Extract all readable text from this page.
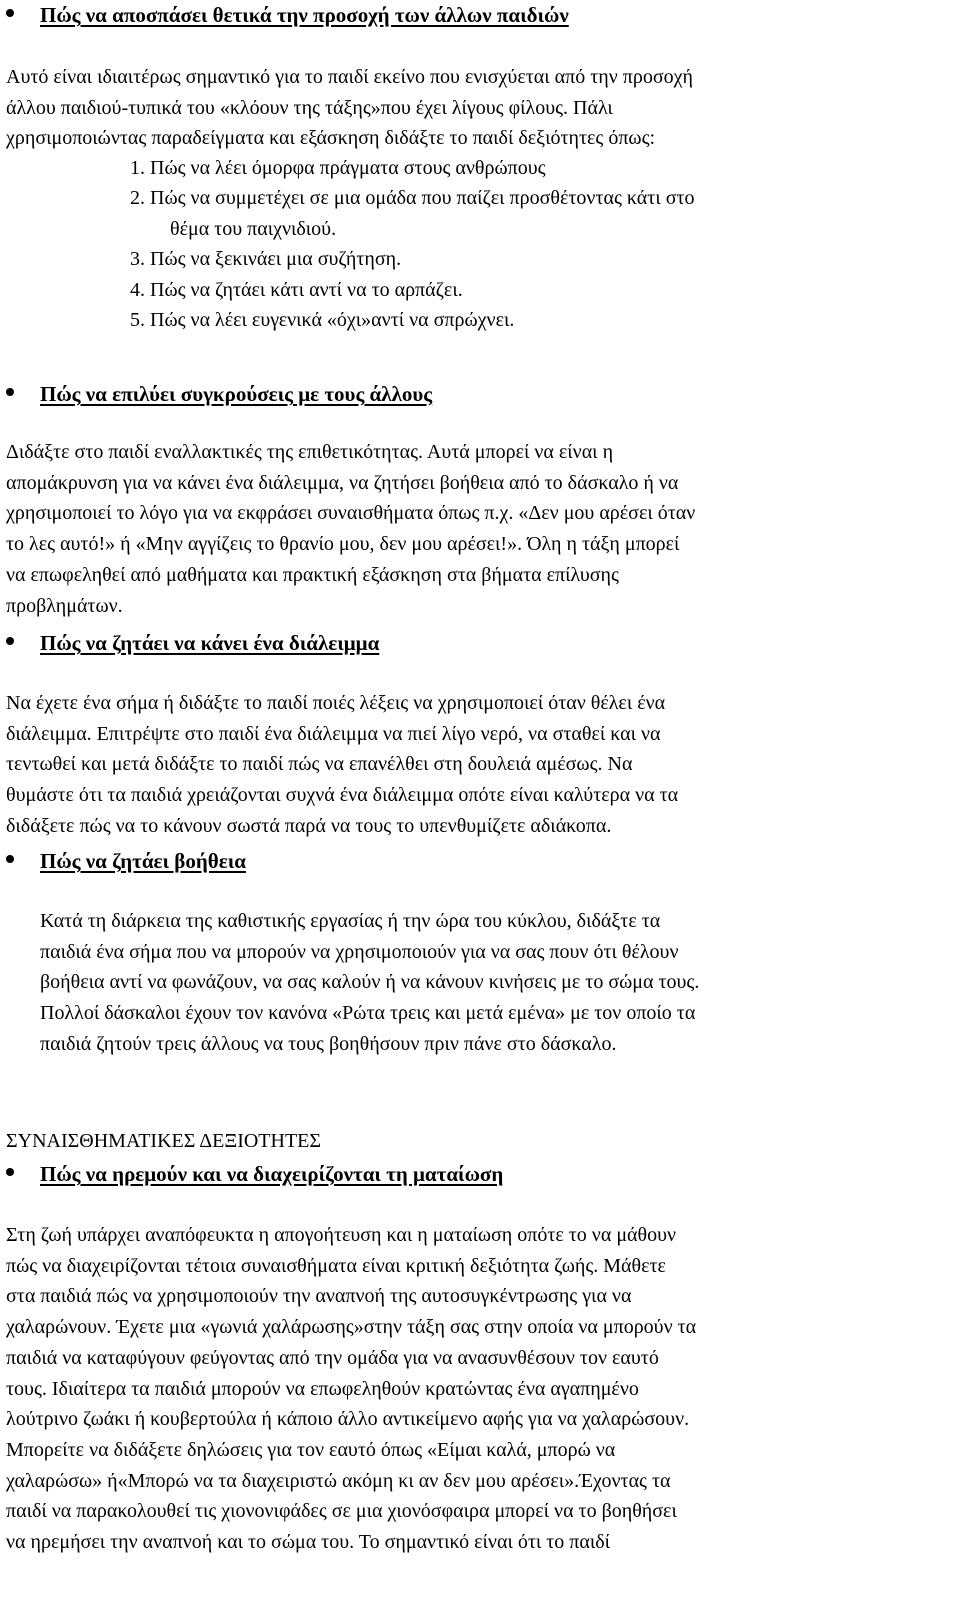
Πώς να αποσπάσει θετικά την προσοχή των άλλων παιδιών
Αυτό είναι ιδιαιτέρως σημαντικό για το παιδί εκείνο που ενισχύεται από την προσοχή
άλλου παιδιού-τυπικά του «κλόουν της τάξης»που έχει λίγους φίλους. Πάλι
χρησιμοποιώντας παραδείγματα και εξάσκηση διδάξτε το παιδί δεξιότητες όπως:
1. Πώς να λέει όμορφα πράγματα στους ανθρώπους
2. Πώς να συμμετέχει σε μια ομάδα που παίζει προσθέτοντας κάτι στο
θέμα του παιχνιδιού.
3. Πώς να ξεκινάει μια συζήτηση.
4. Πώς να ζητάει κάτι αντί να το αρπάζει.
5. Πώς να λέει ευγενικά «όχι»αντί να σπρώχνει.
Πώς να επιλύει συγκρούσεις με τους άλλους
Διδάξτε στο παιδί εναλλακτικές της επιθετικότητας. Αυτά μπορεί να είναι η
απομάκρυνση για να κάνει ένα διάλειμμα, να ζητήσει βοήθεια από το δάσκαλο ή να
χρησιμοποιεί το λόγο για να εκφράσει συναισθήματα όπως π.χ. «Δεν μου αρέσει όταν
το λες αυτό!» ή «Μην αγγίζεις το θρανίο μου, δεν μου αρέσει!». Όλη η τάξη μπορεί
να επωφεληθεί από μαθήματα και πρακτική εξάσκηση στα βήματα επίλυσης
προβλημάτων.
Πώς να ζητάει να κάνει ένα διάλειμμα
Να έχετε ένα σήμα ή διδάξτε το παιδί ποιές λέξεις να χρησιμοποιεί όταν θέλει ένα
διάλειμμα. Επιτρέψτε στο παιδί ένα διάλειμμα να πιεί λίγο νερό, να σταθεί και να
τεντωθεί και μετά διδάξτε το παιδί πώς να επανέλθει στη δουλειά αμέσως. Να
θυμάστε ότι τα παιδιά χρειάζονται συχνά ένα διάλειμμα οπότε είναι καλύτερα να τα
διδάξετε πώς να το κάνουν σωστά παρά να τους το υπενθυμίζετε αδιάκοπα.
Πώς να ζητάει βοήθεια
Κατά τη διάρκεια της καθιστικής εργασίας ή την ώρα του κύκλου, διδάξτε τα
παιδιά ένα σήμα που να μπορούν να χρησιμοποιούν για να σας πουν ότι θέλουν
βοήθεια αντί να φωνάζουν, να σας καλούν ή να κάνουν κινήσεις με το σώμα τους.
Πολλοί δάσκαλοι έχουν τον κανόνα «Ρώτα τρεις και μετά εμένα» με τον οποίο τα
παιδιά ζητούν τρεις άλλους να τους βοηθήσουν πριν πάνε στο δάσκαλο.
ΣΥΝΑΙΣΘΗΜΑΤΙΚΕΣ ΔΕΞΙΟΤΗΤΕΣ
Πώς να ηρεμούν και να διαχειρίζονται τη ματαίωση
Στη ζωή υπάρχει αναπόφευκτα η απογοήτευση και η ματαίωση οπότε το να μάθουν
πώς να διαχειρίζονται τέτοια συναισθήματα είναι κριτική δεξιότητα ζωής. Μάθετε
στα παιδιά πώς να χρησιμοποιούν την αναπνοή της αυτοσυγκέντρωσης για να
χαλαρώνουν. Έχετε μια «γωνιά χαλάρωσης»στην τάξη σας στην οποία να μπορούν τα
παιδιά να καταφύγουν φεύγοντας από την ομάδα για να ανασυνθέσουν τον εαυτό
τους. Ιδιαίτερα τα παιδιά μπορούν να επωφεληθούν κρατώντας ένα αγαπημένο
λούτρινο ζωάκι ή κουβερτούλα ή κάποιο άλλο αντικείμενο αφής για να χαλαρώσουν.
Μπορείτε να διδάξετε δηλώσεις για τον εαυτό όπως «Είμαι καλά, μπορώ να
χαλαρώσω» ή«Μπορώ να τα διαχειριστώ ακόμη κι αν δεν μου αρέσει».Έχοντας τα
παιδί να παρακολουθεί τις χιονονιφάδες σε μια χιονόσφαιρα μπορεί να το βοηθήσει
να ηρεμήσει την αναπνοή και το σώμα του. Το σημαντικό είναι ότι το παιδί
